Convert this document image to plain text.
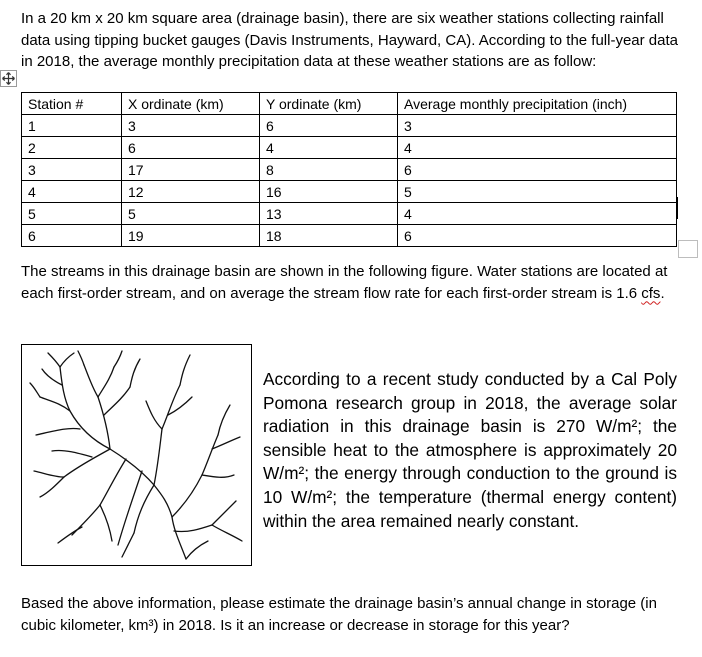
In a 20 km x 20 km square area (drainage basin), there are six weather stations collecting rainfall data using tipping bucket gauges (Davis Instruments, Hayward, CA). According to the full-year data in 2018, the average monthly precipitation data at these weather stations are as follow:

Station #	X ordinate (km)	Y ordinate (km)	Average monthly precipitation (inch)
1	3	6	3
2	6	4	4
3	17	8	6
4	12	16	5
5	5	13	4
6	19	18	6

The streams in this drainage basin are shown in the following figure. Water stations are located at each first-order stream, and on average the stream flow rate for each first-order stream is 1.6 cfs.

According to a recent study conducted by a Cal Poly Pomona research group in 2018, the average solar radiation in this drainage basin is 270 W/m²; the sensible heat to the atmosphere is approximately 20 W/m²; the energy through conduction to the ground is 10 W/m²; the temperature (thermal energy content) within the area remained nearly constant.

Based the above information, please estimate the drainage basin’s annual change in storage (in cubic kilometer, km³) in 2018. Is it an increase or decrease in storage for this year?
